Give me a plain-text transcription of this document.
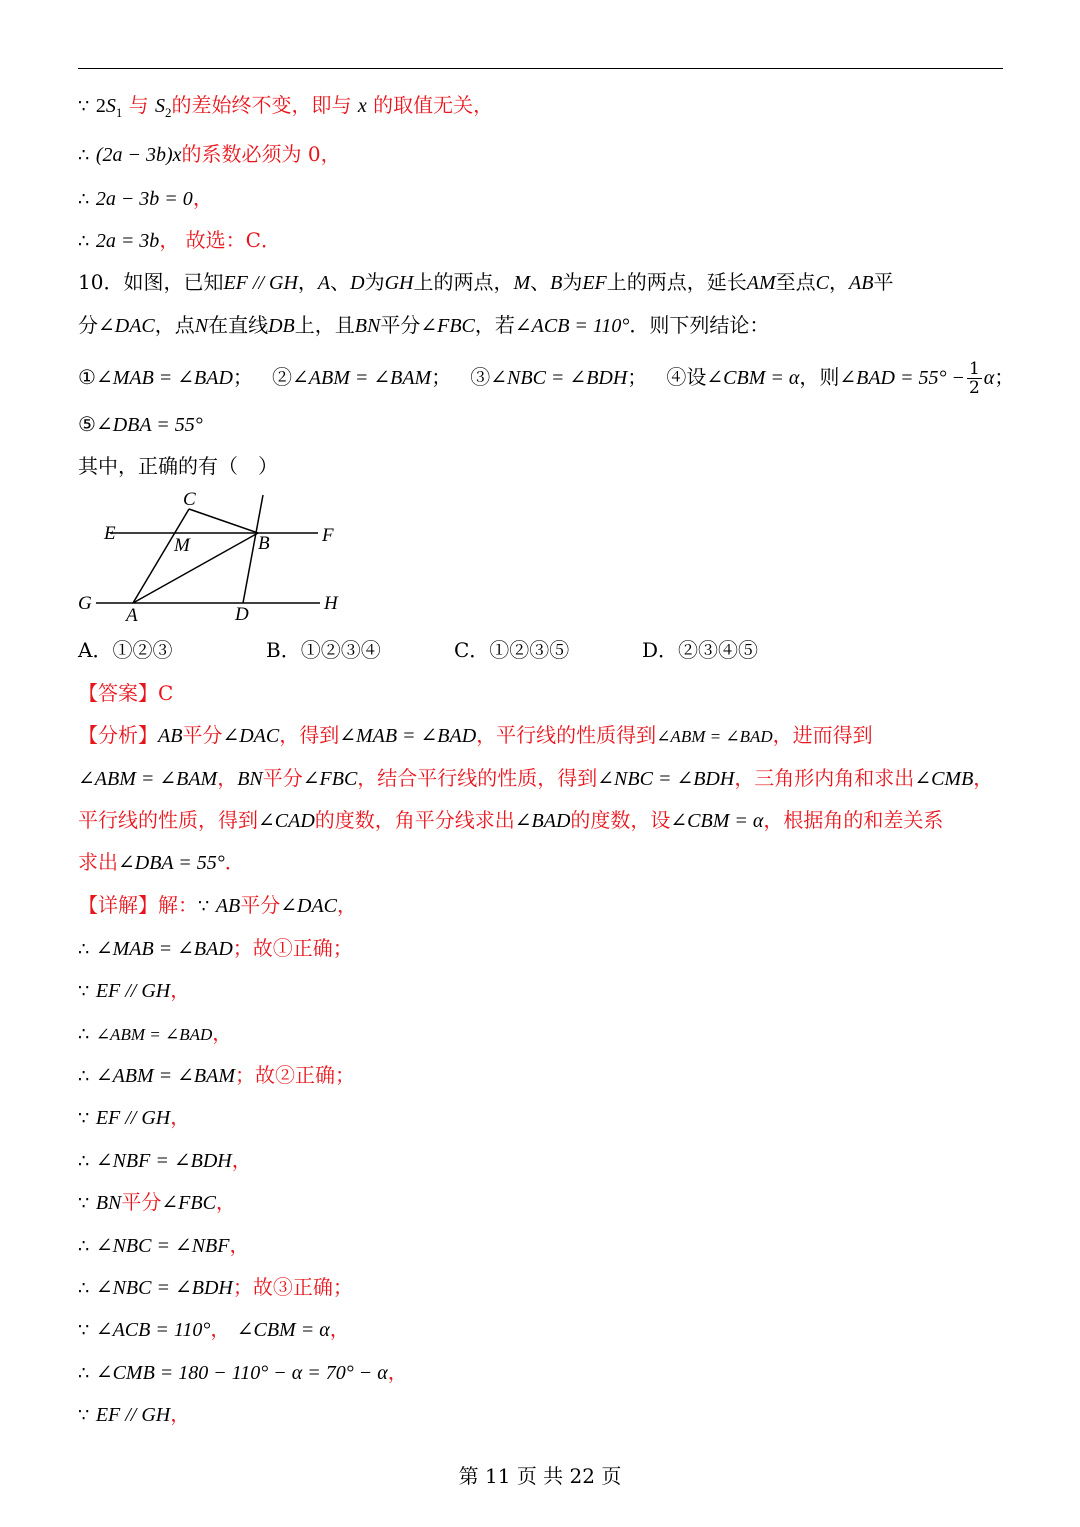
∵ $2S_1$ 与 $S_2$的差始终不变，即与 x 的取值无关，
∴ (2a − 3b)x的系数必须为 0，
∴ 2a − 3b = 0，
∴ 2a = 3b， 故选：C．
10．如图，已知EF // GH，A、D为GH上的两点，M、B为EF上的两点，延长AM至点C，AB平
分∠DAC，点N在直线DB上，且BN平分∠FBC，若∠ACB = 110°．则下列结论：
①∠MAB = ∠BAD； ②∠ABM = ∠BAM； ③∠NBC = ∠BDH； ④设∠CBM = α，则∠BAD = $55^\circ - \frac{1}{2}$ α；
⑤∠DBA = 55°
其中，正确的有（　）
C
E
M	B	F
G
A	D
H
A．①②③	B．①②③④	C．①②③⑤	D．②③④⑤
【答案】C
【分析】AB平分∠DAC，得到∠MAB = ∠BAD，平行线的性质得到∠ABM = ∠BAD，进而得到
∠ABM = ∠BAM，BN平分∠FBC，结合平行线的性质，得到∠NBC = ∠BDH，三角形内角和求出∠CMB，
平行线的性质，得到∠CAD的度数，角平分线求出∠BAD的度数，设∠CBM = α，根据角的和差关系
求出∠DBA = 55°．
【详解】解：∵ AB平分∠DAC，
∴ ∠MAB = ∠BAD；故①正确；
∵ EF // GH，
∴ ∠ABM = ∠BAD，
∴ ∠ABM = ∠BAM；故②正确；
∵ EF // GH，
∴ ∠NBF = ∠BDH，
∵ BN平分∠FBC，
∴ ∠NBC = ∠NBF，
∴ ∠NBC = ∠BDH；故③正确；
∵ ∠ACB = 110°， ∠CBM = α，
∴ ∠CMB = 180 − 110° − α = 70° − α，
∵ EF // GH，
第 11 页 共 22 页
